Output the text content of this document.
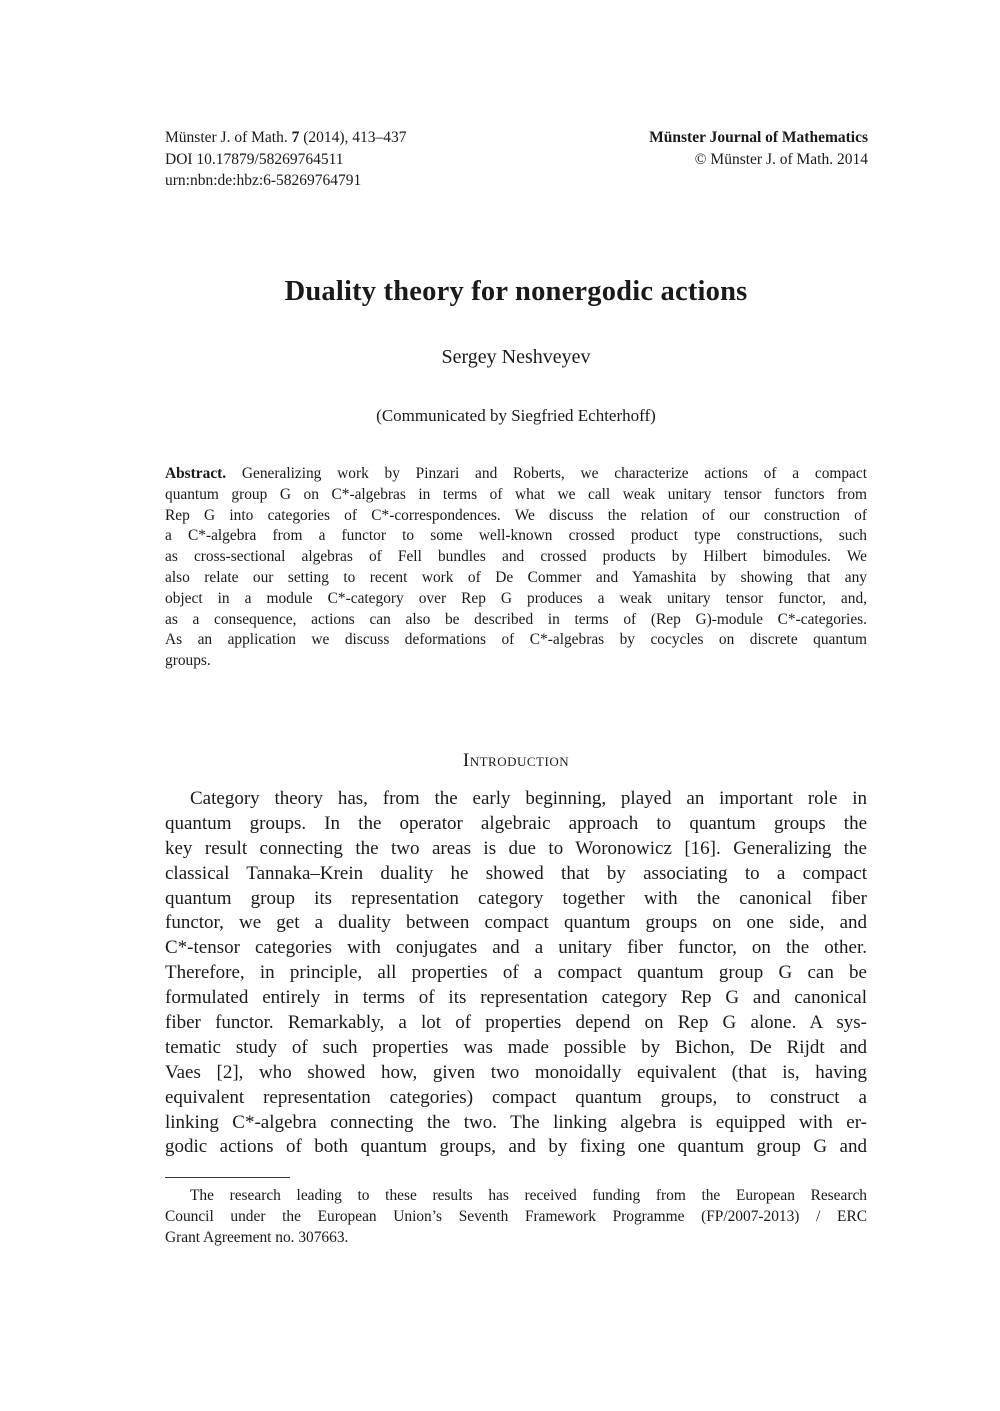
Münster J. of Math. 7 (2014), 413–437
DOI 10.17879/58269764511
urn:nbn:de:hbz:6-58269764791
Münster Journal of Mathematics
© Münster J. of Math. 2014
Duality theory for nonergodic actions
Sergey Neshveyev
(Communicated by Siegfried Echterhoff)
Abstract. Generalizing work by Pinzari and Roberts, we characterize actions of a compact
quantum group G on C*-algebras in terms of what we call weak unitary tensor functors from
Rep G into categories of C*-correspondences. We discuss the relation of our construction of
a C*-algebra from a functor to some well-known crossed product type constructions, such
as cross-sectional algebras of Fell bundles and crossed products by Hilbert bimodules. We
also relate our setting to recent work of De Commer and Yamashita by showing that any
object in a module C*-category over Rep G produces a weak unitary tensor functor, and,
as a consequence, actions can also be described in terms of (Rep G)-module C*-categories.
As an application we discuss deformations of C*-algebras by cocycles on discrete quantum
groups.
Introduction
Category theory has, from the early beginning, played an important role in
quantum groups. In the operator algebraic approach to quantum groups the
key result connecting the two areas is due to Woronowicz [16]. Generalizing the
classical Tannaka–Krein duality he showed that by associating to a compact
quantum group its representation category together with the canonical fiber
functor, we get a duality between compact quantum groups on one side, and
C*-tensor categories with conjugates and a unitary fiber functor, on the other.
Therefore, in principle, all properties of a compact quantum group G can be
formulated entirely in terms of its representation category Rep G and canonical
fiber functor. Remarkably, a lot of properties depend on Rep G alone. A sys-
tematic study of such properties was made possible by Bichon, De Rijdt and
Vaes [2], who showed how, given two monoidally equivalent (that is, having
equivalent representation categories) compact quantum groups, to construct a
linking C*-algebra connecting the two. The linking algebra is equipped with er-
godic actions of both quantum groups, and by fixing one quantum group G and
The research leading to these results has received funding from the European Research
Council under the European Union’s Seventh Framework Programme (FP/2007-2013) / ERC
Grant Agreement no. 307663.
